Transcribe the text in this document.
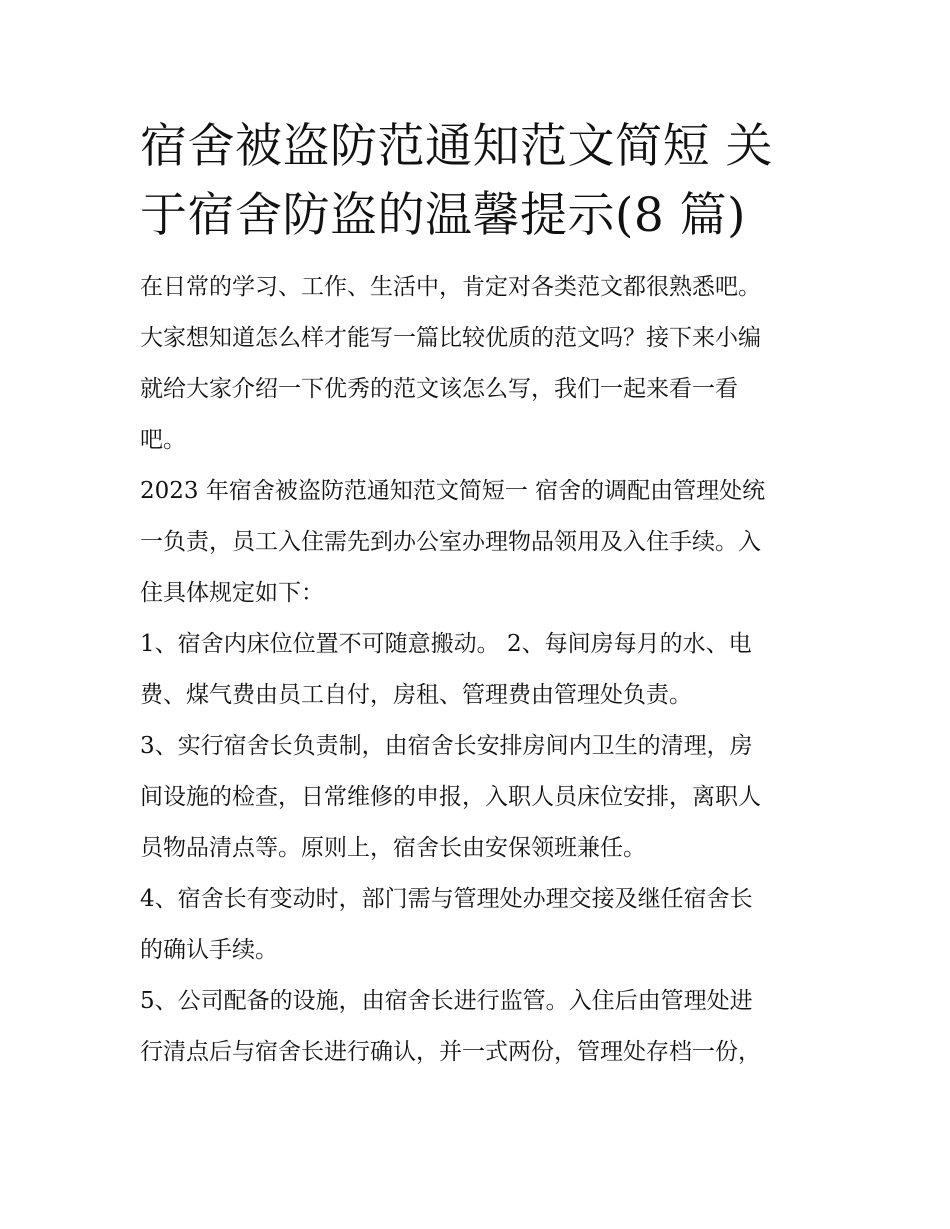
宿舍被盗防范通知范文简短 关
于宿舍防盗的温馨提示(8 篇)

在日常的学习、工作、生活中，肯定对各类范文都很熟悉吧。
大家想知道怎么样才能写一篇比较优质的范文吗？接下来小编
就给大家介绍一下优秀的范文该怎么写，我们一起来看一看
吧。

2023 年宿舍被盗防范通知范文简短一 宿舍的调配由管理处统
一负责，员工入住需先到办公室办理物品领用及入住手续。入
住具体规定如下：

1、宿舍内床位位置不可随意搬动。 2、每间房每月的水、电
费、煤气费由员工自付，房租、管理费由管理处负责。

3、实行宿舍长负责制，由宿舍长安排房间内卫生的清理，房
间设施的检查，日常维修的申报，入职人员床位安排，离职人
员物品清点等。原则上，宿舍长由安保领班兼任。

4、宿舍长有变动时，部门需与管理处办理交接及继任宿舍长
的确认手续。

5、公司配备的设施，由宿舍长进行监管。入住后由管理处进
行清点后与宿舍长进行确认，并一式两份，管理处存档一份，
